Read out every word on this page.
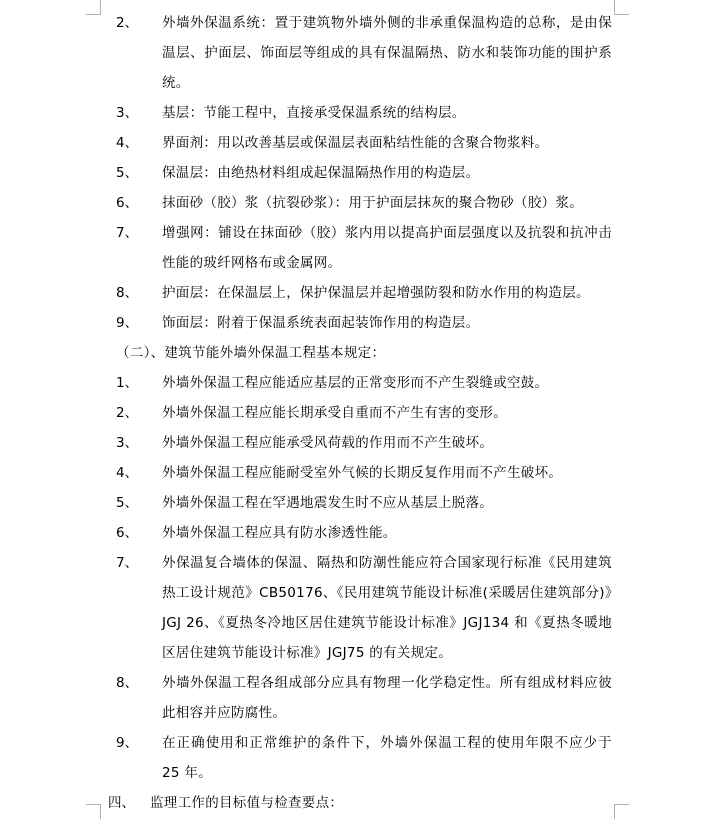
2、 外墙外保温系统：置于建筑物外墙外侧的非承重保温构造的总称，是由保温层、护面层、饰面层等组成的具有保温隔热、防水和装饰功能的围护系统。
3、 基层：节能工程中，直接承受保温系统的结构层。
4、 界面剂：用以改善基层或保温层表面粘结性能的含聚合物浆料。
5、 保温层：由绝热材料组成起保温隔热作用的构造层。
6、 抹面砂（胶）浆（抗裂砂浆）：用于护面层抹灰的聚合物砂（胶）浆。
7、 增强网：铺设在抹面砂（胶）浆内用以提高护面层强度以及抗裂和抗冲击性能的玻纤网格布或金属网。
8、 护面层：在保温层上，保护保温层并起增强防裂和防水作用的构造层。
9、 饰面层：附着于保温系统表面起装饰作用的构造层。
（二）、建筑节能外墙外保温工程基本规定：
1、 外墙外保温工程应能适应基层的正常变形而不产生裂缝或空鼓。
2、 外墙外保温工程应能长期承受自重而不产生有害的变形。
3、 外墙外保温工程应能承受风荷载的作用而不产生破坏。
4、 外墙外保温工程应能耐受室外气候的长期反复作用而不产生破坏。
5、 外墙外保温工程在罕遇地震发生时不应从基层上脱落。
6、 外墙外保温工程应具有防水渗透性能。
7、 外保温复合墙体的保温、隔热和防潮性能应符合国家现行标准《民用建筑热工设计规范》CB50176、《民用建筑节能设计标准(采暖居住建筑部分)》JGJ 26、《夏热冬冷地区居住建筑节能设计标准》JGJ134 和《夏热冬暖地区居住建筑节能设计标准》JGJ75 的有关规定。
8、 外墙外保温工程各组成部分应具有物理一化学稳定性。所有组成材料应彼此相容并应防腐性。
9、 在正确使用和正常维护的条件下，外墙外保温工程的使用年限不应少于 25 年。
四、 监理工作的目标值与检查要点：
